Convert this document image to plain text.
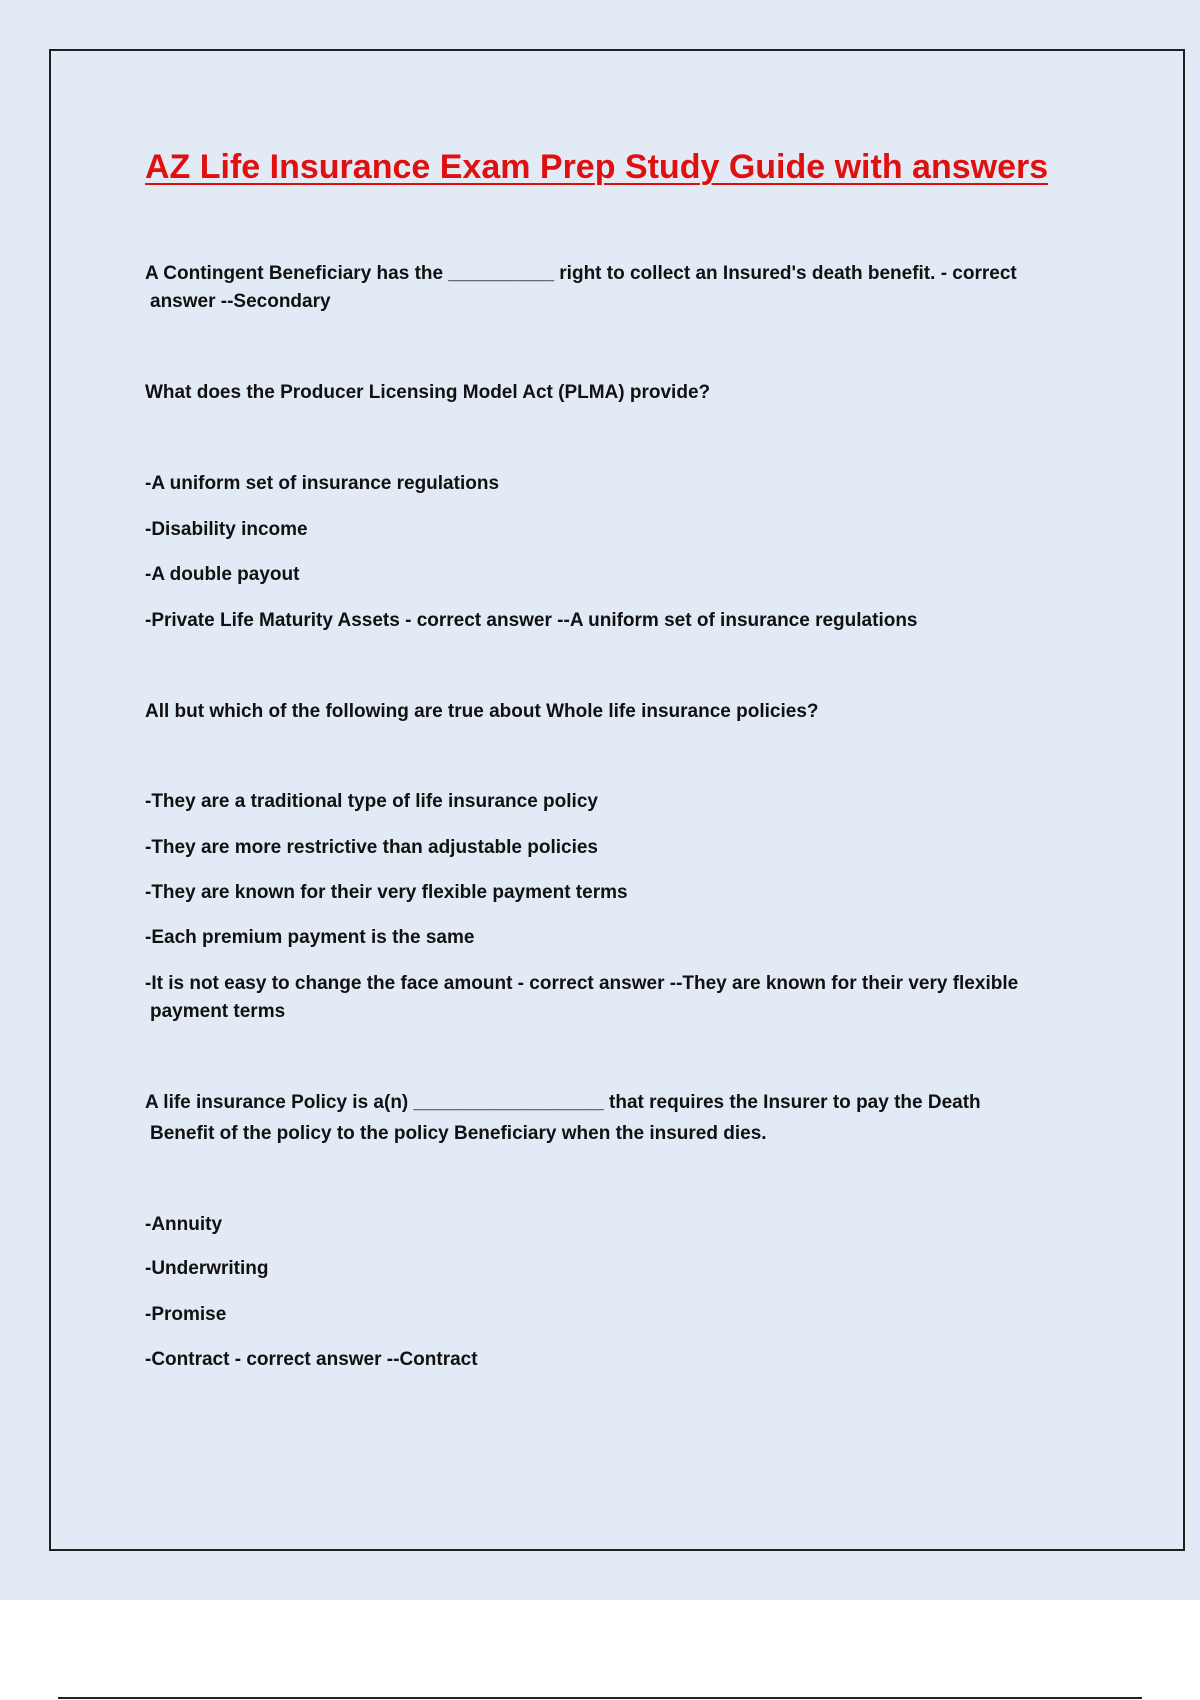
AZ Life Insurance Exam Prep Study Guide with answers

A Contingent Beneficiary has the __________ right to collect an Insured's death benefit. - correct

answer --Secondary

What does the Producer Licensing Model Act (PLMA) provide?

-A uniform set of insurance regulations

-Disability income

-A double payout

-Private Life Maturity Assets - correct answer --A uniform set of insurance regulations

All but which of the following are true about Whole life insurance policies?

-They are a traditional type of life insurance policy

-They are more restrictive than adjustable policies

-They are known for their very flexible payment terms

-Each premium payment is the same

-It is not easy to change the face amount - correct answer --They are known for their very flexible

payment terms

A life insurance Policy is a(n) __________________ that requires the Insurer to pay the Death

Benefit of the policy to the policy Beneficiary when the insured dies.

-Annuity

-Underwriting

-Promise

-Contract - correct answer --Contract
